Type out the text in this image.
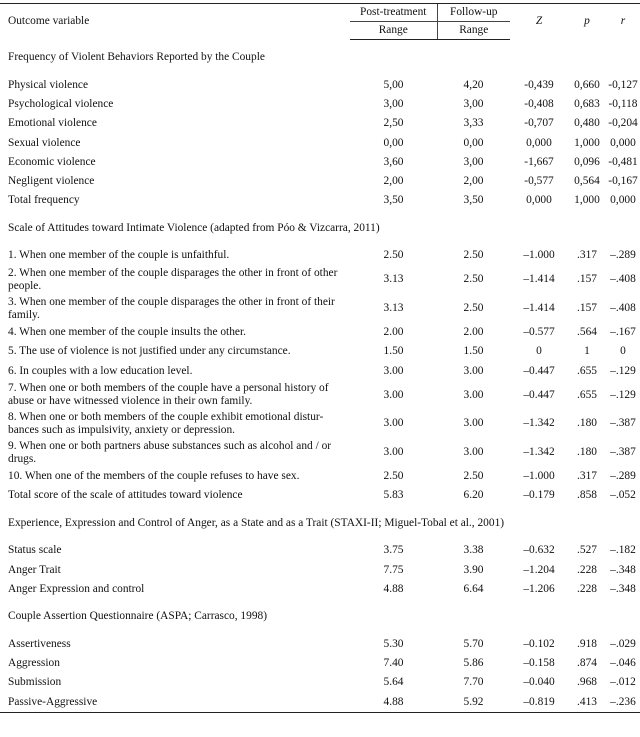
Outcome variable	Post-treatment	Follow-up	Z	p	r
	Range	Range			
Frequency of Violent Behaviors Reported by the Couple					
Physical violence	5,00	4,20	-0,439	0,660	-0,127
Psychological violence	3,00	3,00	-0,408	0,683	-0,118
Emotional violence	2,50	3,33	-0,707	0,480	-0,204
Sexual violence	0,00	0,00	0,000	1,000	0,000
Economic violence	3,60	3,00	-1,667	0,096	-0,481
Negligent violence	2,00	2,00	-0,577	0,564	-0,167
Total frequency	3,50	3,50	0,000	1,000	0,000
Scale of Attitudes toward Intimate Violence (adapted from Póo & Vizcarra, 2011)					
1. When one member of the couple is unfaithful.	2.50	2.50	–1.000	.317	–.289
2. When one member of the couple disparages the other in front of other people.	3.13	2.50	–1.414	.157	–.408
3. When one member of the couple disparages the other in front of their family.	3.13	2.50	–1.414	.157	–.408
4. When one member of the couple insults the other.	2.00	2.00	–0.577	.564	–.167
5. The use of violence is not justified under any circumstance.	1.50	1.50	0	1	0
6. In couples with a low education level.	3.00	3.00	–0.447	.655	–.129
7. When one or both members of the couple have a personal history of abuse or have witnessed violence in their own family.	3.00	3.00	–0.447	.655	–.129
8. When one or both members of the couple exhibit emotional distur-bances such as impulsivity, anxiety or depression.	3.00	3.00	–1.342	.180	–.387
9. When one or both partners abuse substances such as alcohol and / or drugs.	3.00	3.00	–1.342	.180	–.387
10. When one of the members of the couple refuses to have sex.	2.50	2.50	–1.000	.317	–.289
Total score of the scale of attitudes toward violence	5.83	6.20	–0.179	.858	–.052
Experience, Expression and Control of Anger, as a State and as a Trait (STAXI-II; Miguel-Tobal et al., 2001)					
Status scale	3.75	3.38	–0.632	.527	–.182
Anger Trait	7.75	3.90	–1.204	.228	–.348
Anger Expression and control	4.88	6.64	–1.206	.228	–.348
Couple Assertion Questionnaire (ASPA; Carrasco, 1998)					
Assertiveness	5.30	5.70	–0.102	.918	–.029
Aggression	7.40	5.86	–0.158	.874	–.046
Submission	5.64	7.70	–0.040	.968	–.012
Passive-Aggressive	4.88	5.92	–0.819	.413	–.236
